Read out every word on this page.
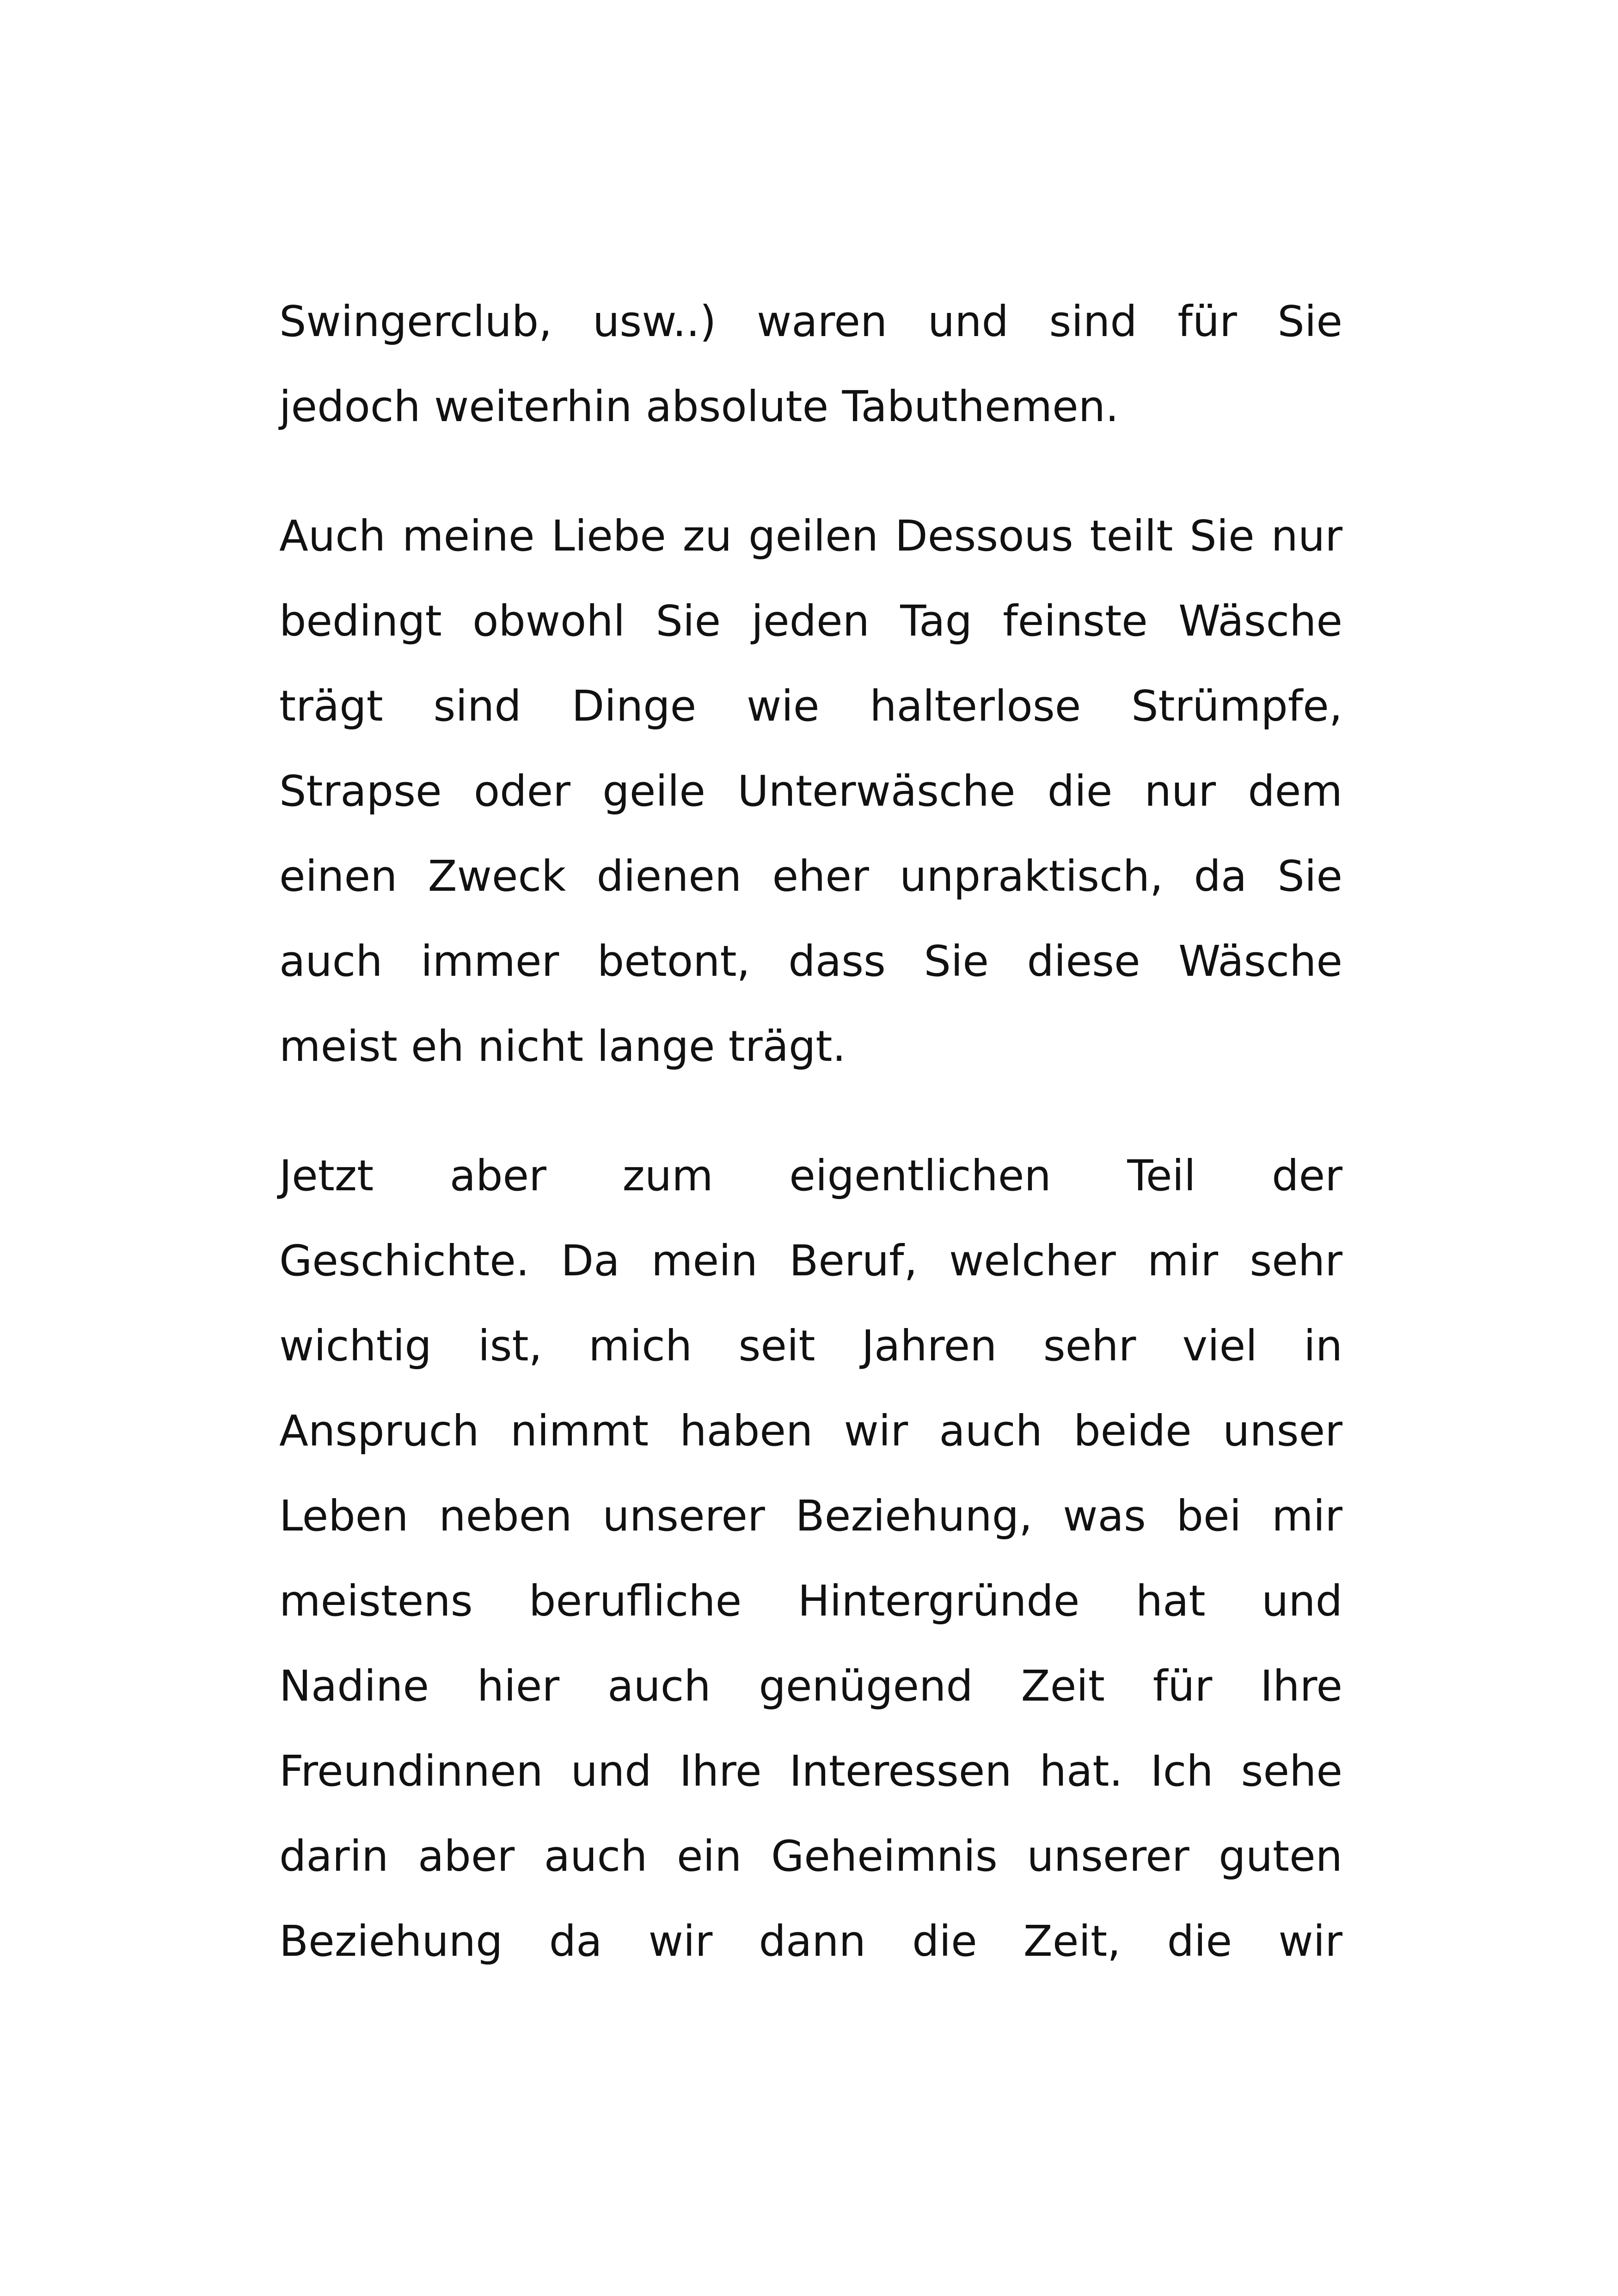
Swingerclub, usw..) waren und sind für Sie
jedoch weiterhin absolute Tabuthemen.
Auch meine Liebe zu geilen Dessous teilt Sie nur
bedingt obwohl Sie jeden Tag feinste Wäsche
trägt sind Dinge wie halterlose Strümpfe,
Strapse oder geile Unterwäsche die nur dem
einen Zweck dienen eher unpraktisch, da Sie
auch immer betont, dass Sie diese Wäsche
meist eh nicht lange trägt.
Jetzt aber zum eigentlichen Teil der
Geschichte. Da mein Beruf, welcher mir sehr
wichtig ist, mich seit Jahren sehr viel in
Anspruch nimmt haben wir auch beide unser
Leben neben unserer Beziehung, was bei mir
meistens berufliche Hintergründe hat und
Nadine hier auch genügend Zeit für Ihre
Freundinnen und Ihre Interessen hat. Ich sehe
darin aber auch ein Geheimnis unserer guten
Beziehung da wir dann die Zeit, die wir
